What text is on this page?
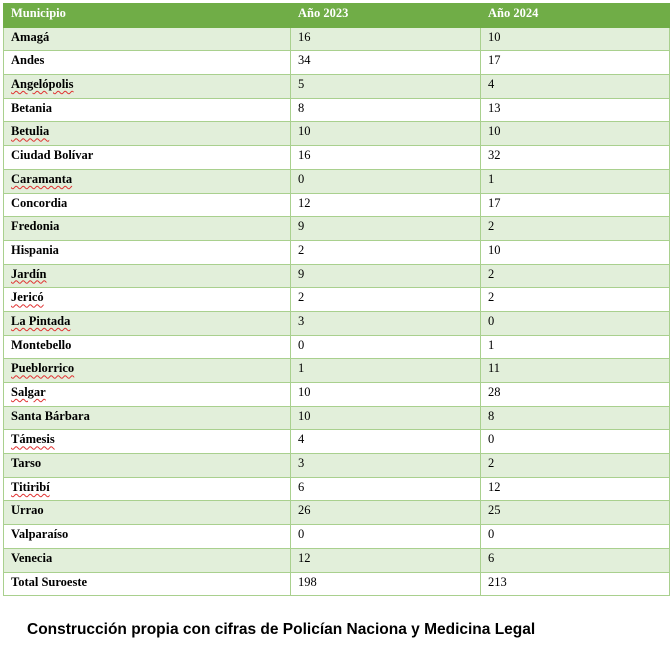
Municipio	Año 2023	Año 2024
Amagá	16	10
Andes	34	17
Angelópolis	5	4
Betania	8	13
Betulia	10	10
Ciudad Bolívar	16	32
Caramanta	0	1
Concordia	12	17
Fredonia	9	2
Hispania	2	10
Jardín	9	2
Jericó	2	2
La Pintada	3	0
Montebello	0	1
Pueblorrico	1	11
Salgar	10	28
Santa Bárbara	10	8
Támesis	4	0
Tarso	3	2
Titiribí	6	12
Urrao	26	25
Valparaíso	0	0
Venecia	12	6
Total Suroeste	198	213
Construcción propia con cifras de Policían Naciona y Medicina Legal
